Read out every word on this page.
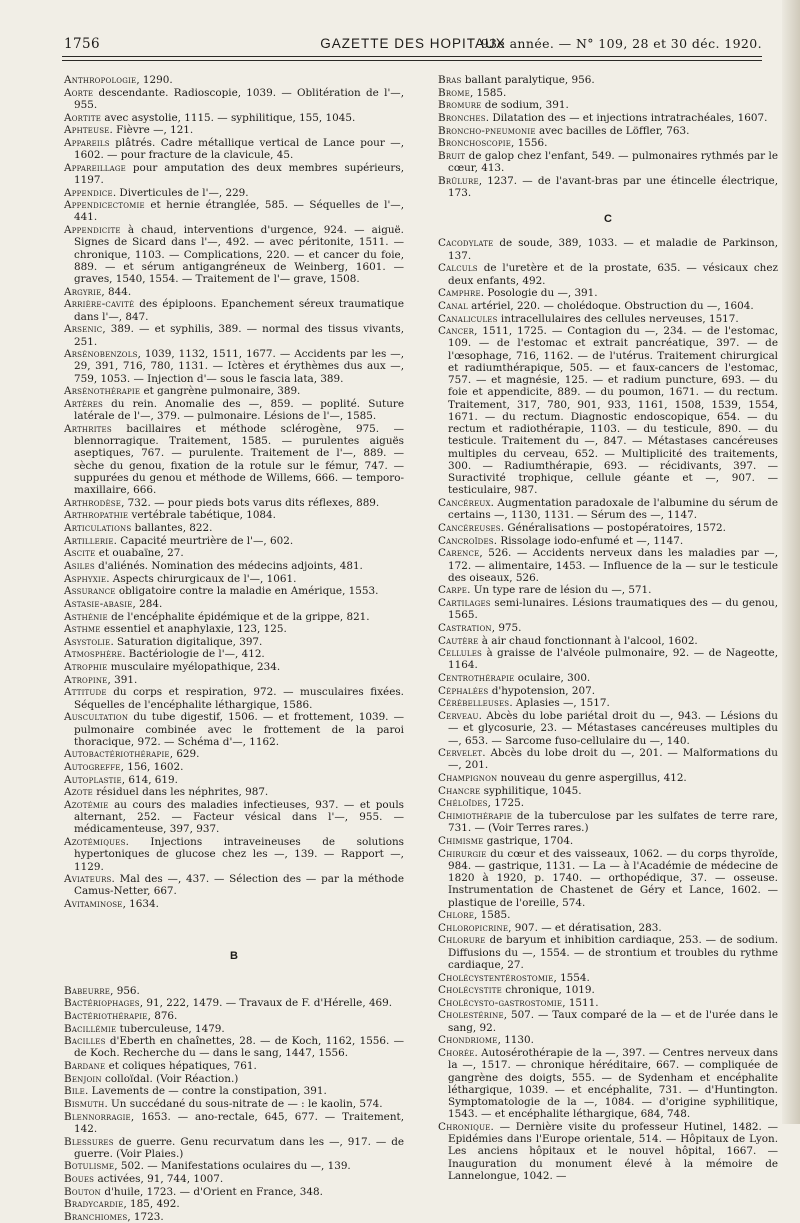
1756	GAZETTE DES HOPITAUX
93e année. — N° 109, 28 et 30 déc. 1920.
Anthropologie, 1290.
Aorte descendante. Radioscopie, 1039. — Oblitération de l'—, 955.
Aortite avec asystolie, 1115. — syphilitique, 155, 1045.
Aphteuse. Fièvre —, 121.
Appareils plâtrés. Cadre métallique vertical de Lance pour —, 1602. — pour fracture de la clavicule, 45.
Appareillage pour amputation des deux membres supérieurs, 1197.
Appendice. Diverticules de l'—, 229.
Appendicectomie et hernie étranglée, 585. — Séquelles de l'—, 441.
Appendicite à chaud, interventions d'urgence, 924. — aiguë. Signes de Sicard dans l'—, 492. — avec péritonite, 1511. — chronique, 1103. — Complications, 220. — et cancer du foie, 889. — et sérum antigangréneux de Weinberg, 1601. — graves, 1540, 1554. — Traitement de l'— grave, 1508.
Argyrie, 844.
Arrière-cavité des épiploons. Epanchement séreux traumatique dans l'—, 847.
Arsenic, 389. — et syphilis, 389. — normal des tissus vivants, 251.
Arsénobenzols, 1039, 1132, 1511, 1677. — Accidents par les —, 29, 391, 716, 780, 1131. — Ictères et érythèmes dus aux —, 759, 1053. — Injection d'— sous le fascia lata, 389.
Arsénothérapie et gangrène pulmonaire, 389.
Artères du rein. Anomalie des —, 859. — poplité. Suture latérale de l'—, 379. — pulmonaire. Lésions de l'—, 1585.
Arthrites bacillaires et méthode sclérogène, 975. — blennorragique. Traitement, 1585. — purulentes aiguës aseptiques, 767. — purulente. Traitement de l'—, 889. — sèche du genou, fixation de la rotule sur le fémur, 747. — suppurées du genou et méthode de Willems, 666. — temporo-maxillaire, 666.
Arthrodèse, 732. — pour pieds bots varus dits réflexes, 889.
Arthropathie vertébrale tabétique, 1084.
Articulations ballantes, 822.
Artillerie. Capacité meurtrière de l'—, 602.
Ascite et ouabaïne, 27.
Asiles d'aliénés. Nomination des médecins adjoints, 481.
Asphyxie. Aspects chirurgicaux de l'—, 1061.
Assurance obligatoire contre la maladie en Amérique, 1553.
Astasie-abasie, 284.
Asthénie de l'encéphalite épidémique et de la grippe, 821.
Asthme essentiel et anaphylaxie, 123, 125.
Asystolie. Saturation digitalique, 397.
Atmosphère. Bactériologie de l'—, 412.
Atrophie musculaire myélopathique, 234.
Atropine, 391.
Attitude du corps et respiration, 972. — musculaires fixées. Séquelles de l'encéphalite léthargique, 1586.
Auscultation du tube digestif, 1506. — et frottement, 1039. — pulmonaire combinée avec le frottement de la paroi thoracique, 972. — Schéma d'—, 1162.
Autobactériothérapie, 629.
Autogreffe, 156, 1602.
Autoplastie, 614, 619.
Azote résiduel dans les néphrites, 987.
Azotémie au cours des maladies infectieuses, 937. — et pouls alternant, 252. — Facteur vésical dans l'—, 955. — médicamenteuse, 397, 937.
Azotémiques. Injections intraveineuses de solutions hypertoniques de glucose chez les —, 139. — Rapport —, 1129.
Aviateurs. Mal des —, 437. — Sélection des — par la méthode Camus-Netter, 667.
Avitaminose, 1634.
B
Babeurre, 956.
Bactériophages, 91, 222, 1479. — Travaux de F. d'Hérelle, 469.
Bactériothérapie, 876.
Bacillémie tuberculeuse, 1479.
Bacilles d'Eberth en chaînettes, 28. — de Koch, 1162, 1556. — de Koch. Recherche du — dans le sang, 1447, 1556.
Bardane et coliques hépatiques, 761.
Benjoin colloïdal. (Voir Réaction.)
Bile. Lavements de — contre la constipation, 391.
Bismuth. Un succédané du sous-nitrate de — : le kaolin, 574.
Blennorragie, 1653. — ano-rectale, 645, 677. — Traitement, 142.
Blessures de guerre. Genu recurvatum dans les —, 917. — de guerre. (Voir Plaies.)
Botulisme, 502. — Manifestations oculaires du —, 139.
Boues activées, 91, 744, 1007.
Bouton d'huile, 1723. — d'Orient en France, 348.
Bradycardie, 185, 492.
Branchiomes, 1723.
Bras ballant paralytique, 956.
Brome, 1585.
Bromure de sodium, 391.
Bronches. Dilatation des — et injections intratrachéales, 1607.
Broncho-pneumonie avec bacilles de Löffler, 763.
Bronchoscopie, 1556.
Bruit de galop chez l'enfant, 549. — pulmonaires rythmés par le cœur, 413.
Brûlure, 1237. — de l'avant-bras par une étincelle électrique, 173.
C
Cacodylate de soude, 389, 1033. — et maladie de Parkinson, 137.
Calculs de l'uretère et de la prostate, 635. — vésicaux chez deux enfants, 492.
Camphre. Posologie du —, 391.
Canal artériel, 220. — cholédoque. Obstruction du —, 1604.
Canalicules intracellulaires des cellules nerveuses, 1517.
Cancer, 1511, 1725. — Contagion du —, 234. — de l'estomac, 109. — de l'estomac et extrait pancréatique, 397. — de l'œsophage, 716, 1162. — de l'utérus. Traitement chirurgical et radiumthérapique, 505. — et faux-cancers de l'estomac, 757. — et magnésie, 125. — et radium puncture, 693. — du foie et appendicite, 889. — du poumon, 1671. — du rectum. Traitement, 317, 780, 901, 933, 1161, 1508, 1539, 1554, 1671. — du rectum. Diagnostic endoscopique, 654. — du rectum et radiothérapie, 1103. — du testicule, 890. — du testicule. Traitement du —, 847. — Métastases cancéreuses multiples du cerveau, 652. — Multiplicité des traitements, 300. — Radiumthérapie, 693. — récidivants, 397. — Suractivité trophique, cellule géante et —, 907. — testiculaire, 987.
Cancéreux. Augmentation paradoxale de l'albumine du sérum de certains —, 1130, 1131. — Sérum des —, 1147.
Cancéreuses. Généralisations — postopératoires, 1572.
Cancroïdes. Rissolage iodo-enfumé et —, 1147.
Carence, 526. — Accidents nerveux dans les maladies par —, 172. — alimentaire, 1453. — Influence de la — sur le testicule des oiseaux, 526.
Carpe. Un type rare de lésion du —, 571.
Cartilages semi-lunaires. Lésions traumatiques des — du genou, 1565.
Castration, 975.
Cautère à air chaud fonctionnant à l'alcool, 1602.
Cellules à graisse de l'alvéole pulmonaire, 92. — de Nageotte, 1164.
Centrothérapie oculaire, 300.
Céphalées d'hypotension, 207.
Cérébelleuses. Aplasies —, 1517.
Cerveau. Abcès du lobe pariétal droit du —, 943. — Lésions du — et glycosurie, 23. — Métastases cancéreuses multiples du —, 653. — Sarcome fuso-cellulaire du —, 140.
Cervelet. Abcès du lobe droit du —, 201. — Malformations du —, 201.
Champignon nouveau du genre aspergillus, 412.
Chancre syphilitique, 1045.
Chéloïdes, 1725.
Chimiothérapie de la tuberculose par les sulfates de terre rare, 731. — (Voir Terres rares.)
Chimisme gastrique, 1704.
Chirurgie du cœur et des vaisseaux, 1062. — du corps thyroïde, 984. — gastrique, 1131. — La — à l'Académie de médecine de 1820 à 1920, p. 1740. — orthopédique, 37. — osseuse. Instrumentation de Chastenet de Géry et Lance, 1602. — plastique de l'oreille, 574.
Chlore, 1585.
Chloropicrine, 907. — et dératisation, 283.
Chlorure de baryum et inhibition cardiaque, 253. — de sodium. Diffusions du —, 1554. — de strontium et troubles du rythme cardiaque, 27.
Cholécystentérostomie, 1554.
Cholécystite chronique, 1019.
Cholécysto-gastrostomie, 1511.
Cholestérine, 507. — Taux comparé de la — et de l'urée dans le sang, 92.
Chondriome, 1130.
Chorée. Autosérothérapie de la —, 397. — Centres nerveux dans la —, 1517. — chronique héréditaire, 667. — compliquée de gangrène des doigts, 555. — de Sydenham et encéphalite léthargique, 1039. — et encéphalite, 731. — d'Huntington. Symptomatologie de la —, 1084. — d'origine syphilitique, 1543. — et encéphalite léthargique, 684, 748.
Chronique. — Dernière visite du professeur Hutinel, 1482. — Epidémies dans l'Europe orientale, 514. — Hôpitaux de Lyon. Les anciens hôpitaux et le nouvel hôpital, 1667. — Inauguration du monument élevé à la mémoire de Lannelongue, 1042. —
